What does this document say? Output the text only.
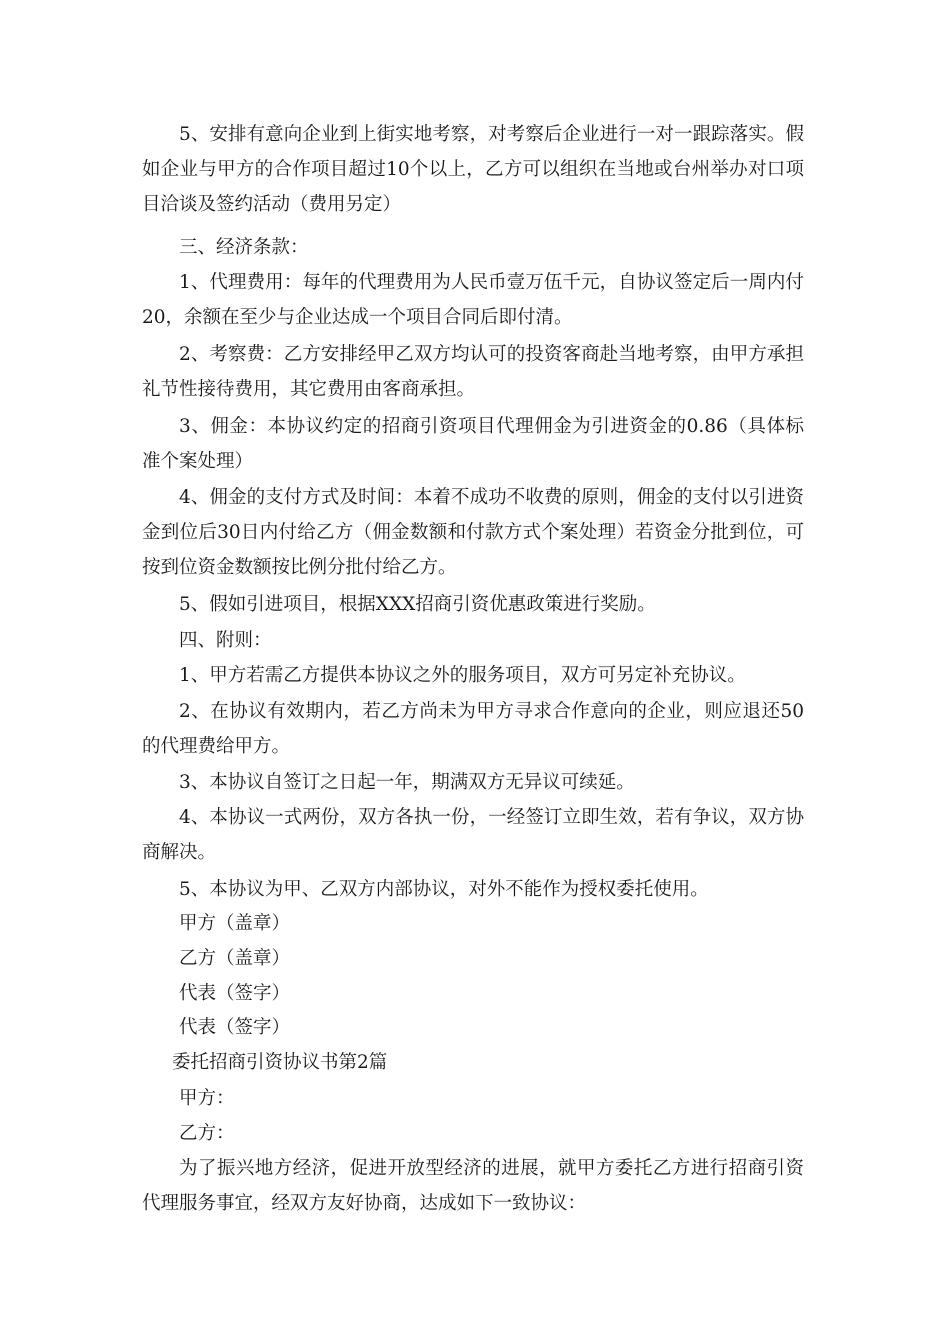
5、安排有意向企业到上街实地考察，对考察后企业进行一对一跟踪落实。假如企业与甲方的合作项目超过10个以上，乙方可以组织在当地或台州举办对口项目洽谈及签约活动（费用另定）

三、经济条款：

1、代理费用：每年的代理费用为人民币壹万伍千元，自协议签定后一周内付20，余额在至少与企业达成一个项目合同后即付清。

2、考察费：乙方安排经甲乙双方均认可的投资客商赴当地考察，由甲方承担礼节性接待费用，其它费用由客商承担。

3、佣金：本协议约定的招商引资项目代理佣金为引进资金的0.86（具体标准个案处理）

4、佣金的支付方式及时间：本着不成功不收费的原则，佣金的支付以引进资金到位后30日内付给乙方（佣金数额和付款方式个案处理）若资金分批到位，可按到位资金数额按比例分批付给乙方。

5、假如引进项目，根据XXX招商引资优惠政策进行奖励。

四、附则：

1、甲方若需乙方提供本协议之外的服务项目，双方可另定补充协议。

2、在协议有效期内，若乙方尚未为甲方寻求合作意向的企业，则应退还50的代理费给甲方。

3、本协议自签订之日起一年，期满双方无异议可续延。

4、本协议一式两份，双方各执一份，一经签订立即生效，若有争议，双方协商解决。

5、本协议为甲、乙双方内部协议，对外不能作为授权委托使用。

甲方（盖章）

乙方（盖章）

代表（签字）

代表（签字）

委托招商引资协议书第2篇

甲方：

乙方：

为了振兴地方经济，促进开放型经济的进展，就甲方委托乙方进行招商引资代理服务事宜，经双方友好协商，达成如下一致协议：
